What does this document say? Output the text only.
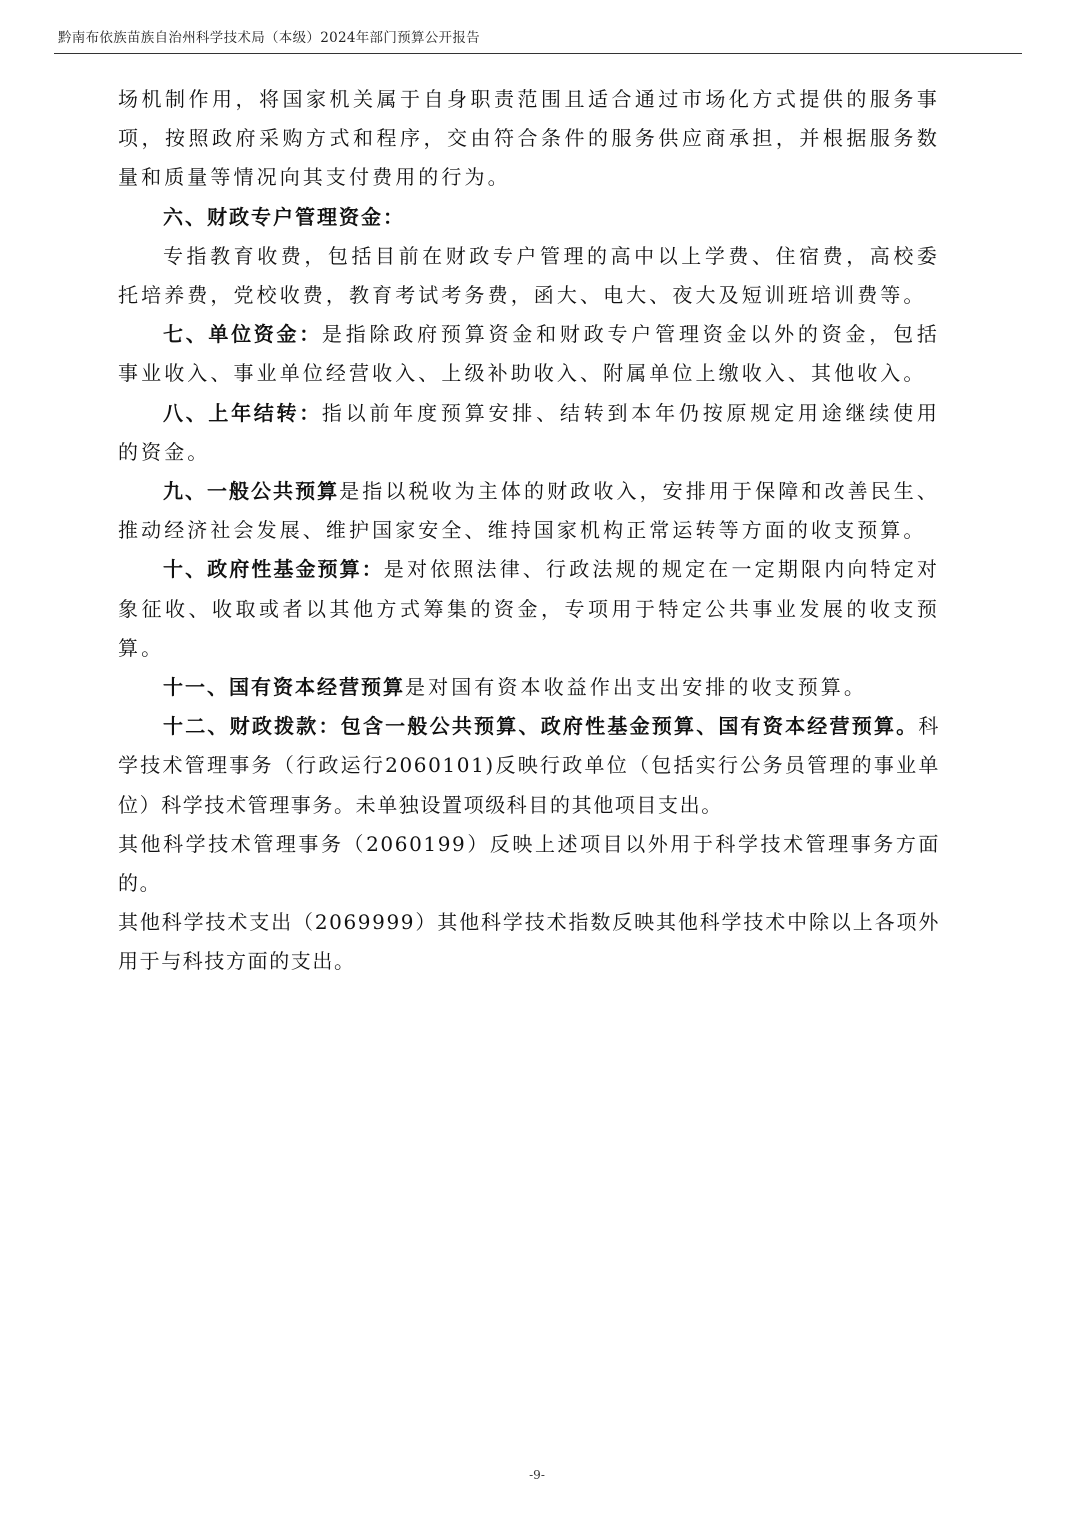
黔南布依族苗族自治州科学技术局（本级）2024年部门预算公开报告

场机制作用，将国家机关属于自身职责范围且适合通过市场化方式提供的服务事项，按照政府采购方式和程序，交由符合条件的服务供应商承担，并根据服务数量和质量等情况向其支付费用的行为。

六、财政专户管理资金：

专指教育收费，包括目前在财政专户管理的高中以上学费、住宿费，高校委托培养费，党校收费，教育考试考务费，函大、电大、夜大及短训班培训费等。

七、单位资金：是指除政府预算资金和财政专户管理资金以外的资金，包括事业收入、事业单位经营收入、上级补助收入、附属单位上缴收入、其他收入。

八、上年结转：指以前年度预算安排、结转到本年仍按原规定用途继续使用的资金。

九、一般公共预算是指以税收为主体的财政收入，安排用于保障和改善民生、推动经济社会发展、维护国家安全、维持国家机构正常运转等方面的收支预算。

十、政府性基金预算：是对依照法律、行政法规的规定在一定期限内向特定对象征收、收取或者以其他方式筹集的资金，专项用于特定公共事业发展的收支预算。

十一、国有资本经营预算是对国有资本收益作出支出安排的收支预算。

十二、财政拨款：包含一般公共预算、政府性基金预算、国有资本经营预算。科学技术管理事务（行政运行2060101)反映行政单位（包括实行公务员管理的事业单位）科学技术管理事务。未单独设置项级科目的其他项目支出。

其他科学技术管理事务（2060199）反映上述项目以外用于科学技术管理事务方面的。

其他科学技术支出（2069999）其他科学技术指数反映其他科学技术中除以上各项外用于与科技方面的支出。

-9-
